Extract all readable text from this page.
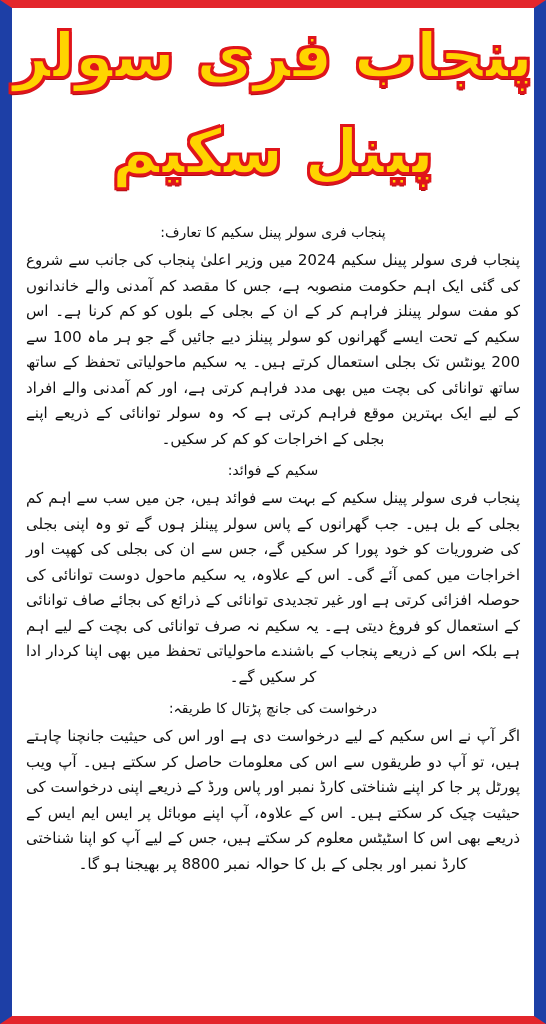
پنجاب فری سولر
پینل سکیم

پنجاب فری سولر پینل سکیم کا تعارف:

پنجاب فری سولر پینل سکیم 2024 میں وزیر اعلیٰ پنجاب کی جانب سے شروع کی گئی ایک اہم حکومت منصوبہ ہے، جس کا مقصد کم آمدنی والے خاندانوں کو مفت سولر پینلز فراہم کر کے ان کے بجلی کے بلوں کو کم کرنا ہے۔ اس سکیم کے تحت ایسے گھرانوں کو سولر پینلز دیے جائیں گے جو ہر ماہ 100 سے 200 یونٹس تک بجلی استعمال کرتے ہیں۔ یہ سکیم ماحولیاتی تحفظ کے ساتھ ساتھ توانائی کی بچت میں بھی مدد فراہم کرتی ہے، اور کم آمدنی والے افراد کے لیے ایک بہترین موقع فراہم کرتی ہے کہ وہ سولر توانائی کے ذریعے اپنے بجلی کے اخراجات کو کم کر سکیں۔

سکیم کے فوائد:

پنجاب فری سولر پینل سکیم کے بہت سے فوائد ہیں، جن میں سب سے اہم کم بجلی کے بل ہیں۔ جب گھرانوں کے پاس سولر پینلز ہوں گے تو وہ اپنی بجلی کی ضروریات کو خود پورا کر سکیں گے، جس سے ان کی بجلی کی کھپت اور اخراجات میں کمی آئے گی۔ اس کے علاوہ، یہ سکیم ماحول دوست توانائی کی حوصلہ افزائی کرتی ہے اور غیر تجدیدی توانائی کے ذرائع کی بجائے صاف توانائی کے استعمال کو فروغ دیتی ہے۔ یہ سکیم نہ صرف توانائی کی بچت کے لیے اہم ہے بلکہ اس کے ذریعے پنجاب کے باشندے ماحولیاتی تحفظ میں بھی اپنا کردار ادا کر سکیں گے۔

درخواست کی جانچ پڑتال کا طریقہ:

اگر آپ نے اس سکیم کے لیے درخواست دی ہے اور اس کی حیثیت جانچنا چاہتے ہیں، تو آپ دو طریقوں سے اس کی معلومات حاصل کر سکتے ہیں۔ آپ ویب پورٹل پر جا کر اپنے شناختی کارڈ نمبر اور پاس ورڈ کے ذریعے اپنی درخواست کی حیثیت چیک کر سکتے ہیں۔ اس کے علاوہ، آپ اپنے موبائل پر ایس ایم ایس کے ذریعے بھی اس کا اسٹیٹس معلوم کر سکتے ہیں، جس کے لیے آپ کو اپنا شناختی کارڈ نمبر اور بجلی کے بل کا حوالہ نمبر 8800 پر بھیجنا ہو گا۔
